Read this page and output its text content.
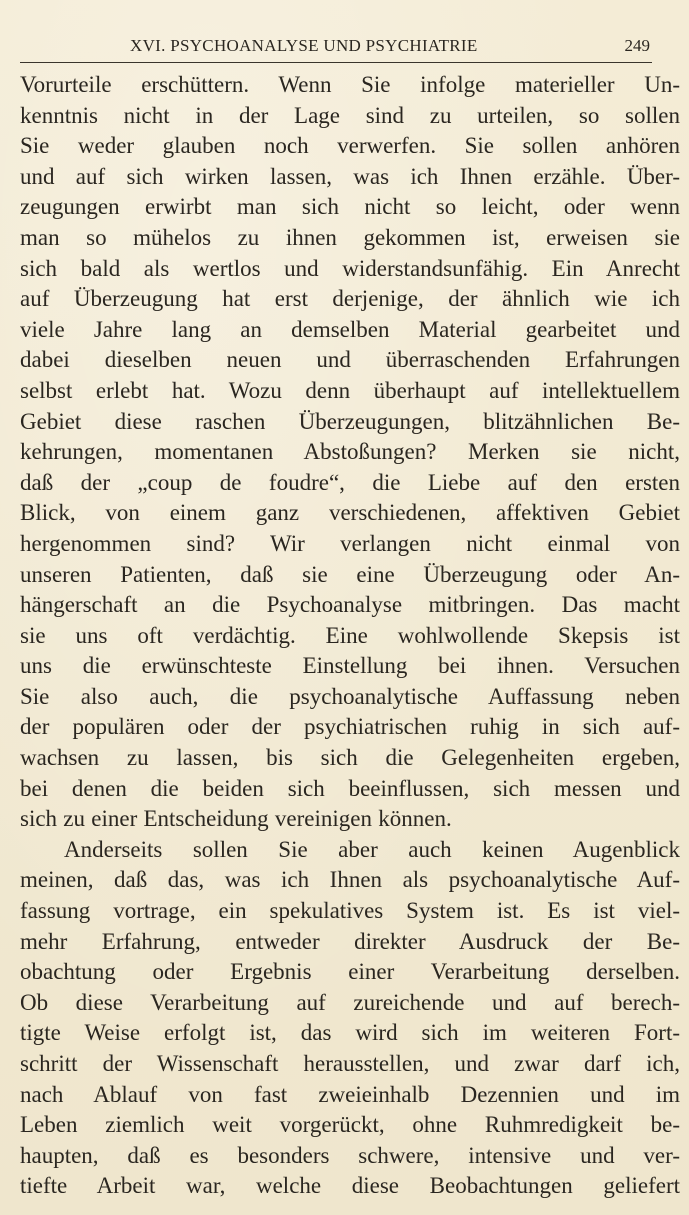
XVI. PSYCHOANALYSE UND PSYCHIATRIE	249
Vorurteile erschüttern. Wenn Sie infolge materieller Un-
kenntnis nicht in der Lage sind zu urteilen, so sollen
Sie weder glauben noch verwerfen. Sie sollen anhören
und auf sich wirken lassen, was ich Ihnen erzähle. Über-
zeugungen erwirbt man sich nicht so leicht, oder wenn
man so mühelos zu ihnen gekommen ist, erweisen sie
sich bald als wertlos und widerstandsunfähig. Ein Anrecht
auf Überzeugung hat erst derjenige, der ähnlich wie ich
viele Jahre lang an demselben Material gearbeitet und
dabei dieselben neuen und überraschenden Erfahrungen
selbst erlebt hat. Wozu denn überhaupt auf intellektuellem
Gebiet diese raschen Überzeugungen, blitzähnlichen Be-
kehrungen, momentanen Abstoßungen? Merken sie nicht,
daß der „coup de foudre“, die Liebe auf den ersten
Blick, von einem ganz verschiedenen, affektiven Gebiet
hergenommen sind? Wir verlangen nicht einmal von
unseren Patienten, daß sie eine Überzeugung oder An-
hängerschaft an die Psychoanalyse mitbringen. Das macht
sie uns oft verdächtig. Eine wohlwollende Skepsis ist
uns die erwünschteste Einstellung bei ihnen. Versuchen
Sie also auch, die psychoanalytische Auffassung neben
der populären oder der psychiatrischen ruhig in sich auf-
wachsen zu lassen, bis sich die Gelegenheiten ergeben,
bei denen die beiden sich beeinflussen, sich messen und
sich zu einer Entscheidung vereinigen können.
Anderseits sollen Sie aber auch keinen Augenblick
meinen, daß das, was ich Ihnen als psychoanalytische Auf-
fassung vortrage, ein spekulatives System ist. Es ist viel-
mehr Erfahrung, entweder direkter Ausdruck der Be-
obachtung oder Ergebnis einer Verarbeitung derselben.
Ob diese Verarbeitung auf zureichende und auf berech-
tigte Weise erfolgt ist, das wird sich im weiteren Fort-
schritt der Wissenschaft herausstellen, und zwar darf ich,
nach Ablauf von fast zweieinhalb Dezennien und im
Leben ziemlich weit vorgerückt, ohne Ruhmredigkeit be-
haupten, daß es besonders schwere, intensive und ver-
tiefte Arbeit war, welche diese Beobachtungen geliefert
